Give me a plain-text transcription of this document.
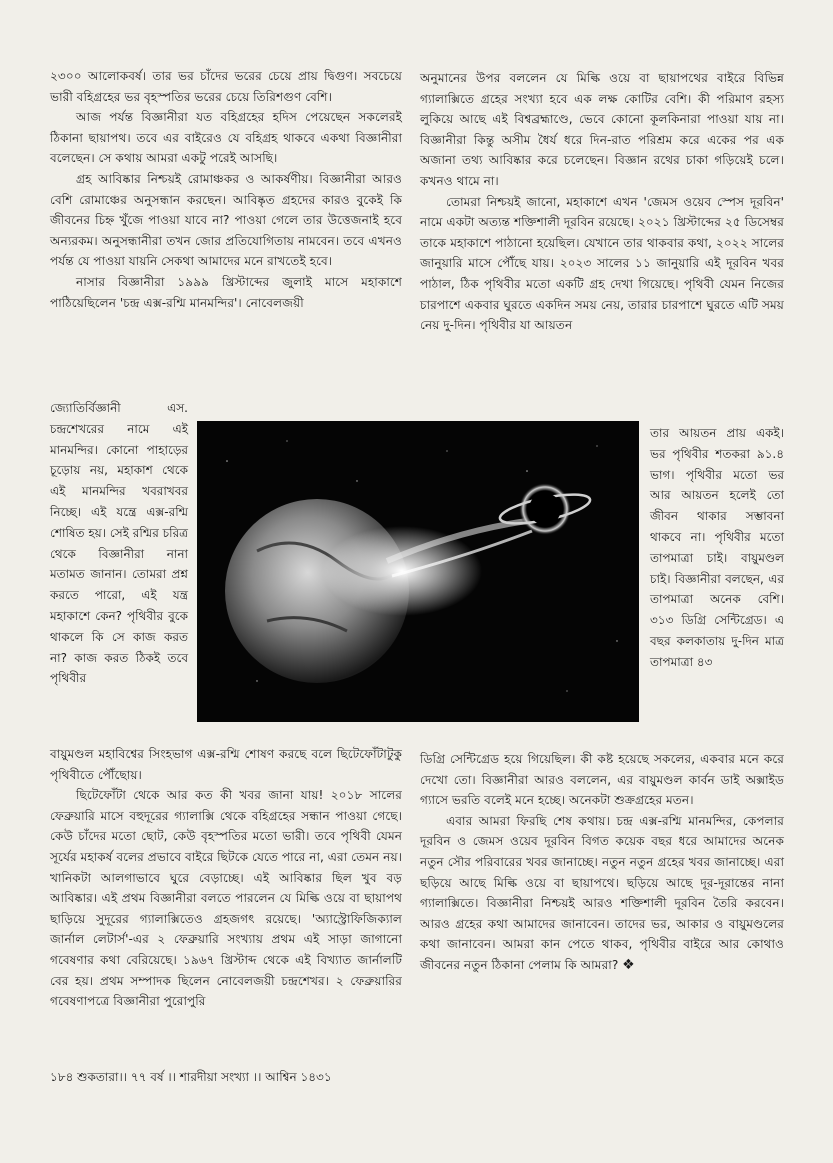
২৩০০ আলোকবর্ষ। তার ভর চাঁদের ভরের চেয়ে প্রায় দ্বিগুণ। সবচেয়ে ভারী বহিগ্রহের ভর বৃহস্পতির ভরের চেয়ে তিরিশগুণ বেশি।

আজ পর্যন্ত বিজ্ঞানীরা যত বহিগ্রহের হদিস পেয়েছেন সকলেরই ঠিকানা ছায়াপথ। তবে এর বাইরেও যে বহিগ্রহ থাকবে একথা বিজ্ঞানীরা বলেছেন। সে কথায় আমরা একটু পরেই আসছি।

গ্রহ আবিষ্কার নিশ্চয়ই রোমাঞ্চকর ও আকর্ষণীয়। বিজ্ঞানীরা আরও বেশি রোমাঞ্চের অনুসন্ধান করছেন। আবিষ্কৃত গ্রহদের কারও বুকেই কি জীবনের চিহ্ন খুঁজে পাওয়া যাবে না? পাওয়া গেলে তার উত্তেজনাই হবে অন্যরকম। অনুসন্ধানীরা তখন জোর প্রতিযোগিতায় নামবেন। তবে এখনও পর্যন্ত যে পাওয়া যায়নি সেকথা আমাদের মনে রাখতেই হবে।

নাসার বিজ্ঞানীরা ১৯৯৯ খ্রিস্টাব্দের জুলাই মাসে মহাকাশে পাঠিয়েছিলেন 'চন্দ্র এক্স-রশ্মি মানমন্দির'। নোবেলজয়ী

জ্যোতির্বিজ্ঞানী এস. চন্দ্রশেখরের নামে এই মানমন্দির। কোনো পাহাড়ের চূড়োয় নয়, মহাকাশ থেকে এই মানমন্দির খবরাখবর নিচ্ছে। এই যন্ত্রে এক্স-রশ্মি শোষিত হয়। সেই রশ্মির চরিত্র থেকে বিজ্ঞানীরা নানা মতামত জানান। তোমরা প্রশ্ন করতে পারো, এই যন্ত্র মহাকাশে কেন? পৃথিবীর বুকে থাকলে কি সে কাজ করত না? কাজ করত ঠিকই তবে পৃথিবীর

অনুমানের উপর বললেন যে মিল্কি ওয়ে বা ছায়াপথের বাইরে বিভিন্ন গ্যালাক্সিতে গ্রহের সংখ্যা হবে এক লক্ষ কোটির বেশি। কী পরিমাণ রহস্য লুকিয়ে আছে এই বিশ্বব্রহ্মাণ্ডে, ভেবে কোনো কূলকিনারা পাওয়া যায় না। বিজ্ঞানীরা কিন্তু অসীম ধৈর্য ধরে দিন-রাত পরিশ্রম করে একের পর এক অজানা তথ্য আবিষ্কার করে চলেছেন। বিজ্ঞান রথের চাকা গড়িয়েই চলে। কখনও থামে না।

তোমরা নিশ্চয়ই জানো, মহাকাশে এখন 'জেমস ওয়েব স্পেস দূরবিন' নামে একটা অত্যন্ত শক্তিশালী দূরবিন রয়েছে। ২০২১ খ্রিস্টাব্দের ২৫ ডিসেম্বর তাকে মহাকাশে পাঠানো হয়েছিল। যেখানে তার থাকবার কথা, ২০২২ সালের জানুয়ারি মাসে পৌঁছে যায়। ২০২৩ সালের ১১ জানুয়ারি এই দূরবিন খবর পাঠাল, ঠিক পৃথিবীর মতো একটি গ্রহ দেখা গিয়েছে। পৃথিবী যেমন নিজের চারপাশে একবার ঘুরতে একদিন সময় নেয়, তারার চারপাশে ঘুরতে এটি সময় নেয় দু-দিন। পৃথিবীর যা আয়তন

তার আয়তন প্রায় একই। ভর পৃথিবীর শতকরা ৯১.৪ ভাগ। পৃথিবীর মতো ভর আর আয়তন হলেই তো জীবন থাকার সম্ভাবনা থাকবে না। পৃথিবীর মতো তাপমাত্রা চাই। বায়ুমণ্ডল চাই। বিজ্ঞানীরা বলছেন, এর তাপমাত্রা অনেক বেশি। ৩১৩ ডিগ্রি সেন্টিগ্রেড। এ বছর কলকাতায় দু-দিন মাত্র তাপমাত্রা ৪৩

বায়ুমণ্ডল মহাবিশ্বের সিংহভাগ এক্স-রশ্মি শোষণ করছে বলে ছিটেফোঁটাটুকু পৃথিবীতে পৌঁছোয়।

ছিটেফোঁটা থেকে আর কত কী খবর জানা যায়! ২০১৮ সালের ফেব্রুয়ারি মাসে বহুদূরের গ্যালাক্সি থেকে বহিগ্রহের সন্ধান পাওয়া গেছে। কেউ চাঁদের মতো ছোট, কেউ বৃহস্পতির মতো ভারী। তবে পৃথিবী যেমন সূর্যের মহাকর্ষ বলের প্রভাবে বাইরে ছিটকে যেতে পারে না, এরা তেমন নয়। খানিকটা আলগাভাবে ঘুরে বেড়াচ্ছে। এই আবিষ্কার ছিল খুব বড় আবিষ্কার। এই প্রথম বিজ্ঞানীরা বলতে পারলেন যে মিল্কি ওয়ে বা ছায়াপথ ছাড়িয়ে সুদূরের গ্যালাক্সিতেও গ্রহজগৎ রয়েছে। 'অ্যাস্ট্রোফিজিক্যাল জার্নাল লেটার্স'-এর ২ ফেব্রুয়ারি সংখ্যায় প্রথম এই সাড়া জাগানো গবেষণার কথা বেরিয়েছে। ১৯৬৭ খ্রিস্টাব্দ থেকে এই বিখ্যাত জার্নালটি বের হয়। প্রথম সম্পাদক ছিলেন নোবেলজয়ী চন্দ্রশেখর। ২ ফেব্রুয়ারির গবেষণাপত্রে বিজ্ঞানীরা পুরোপুরি

ডিগ্রি সেন্টিগ্রেড হয়ে গিয়েছিল। কী কষ্ট হয়েছে সকলের, একবার মনে করে দেখো তো। বিজ্ঞানীরা আরও বললেন, এর বায়ুমণ্ডল কার্বন ডাই অক্সাইড গ্যাসে ভরতি বলেই মনে হচ্ছে। অনেকটা শুক্রগ্রহের মতন।

এবার আমরা ফিরছি শেষ কথায়। চন্দ্র এক্স-রশ্মি মানমন্দির, কেপলার দূরবিন ও জেমস ওয়েব দূরবিন বিগত কয়েক বছর ধরে আমাদের অনেক নতুন সৌর পরিবারের খবর জানাচ্ছে। নতুন নতুন গ্রহের খবর জানাচ্ছে। এরা ছড়িয়ে আছে মিল্কি ওয়ে বা ছায়াপথে। ছড়িয়ে আছে দূর-দূরান্তের নানা গ্যালাক্সিতে। বিজ্ঞানীরা নিশ্চয়ই আরও শক্তিশালী দূরবিন তৈরি করবেন। আরও গ্রহের কথা আমাদের জানাবেন। তাদের ভর, আকার ও বায়ুমণ্ডলের কথা জানাবেন। আমরা কান পেতে থাকব, পৃথিবীর বাইরে আর কোথাও জীবনের নতুন ঠিকানা পেলাম কি আমরা? ❖

১৮৪ শুকতারা।। ৭৭ বর্ষ ।। শারদীয়া সংখ্যা ।। আশ্বিন ১৪৩১
